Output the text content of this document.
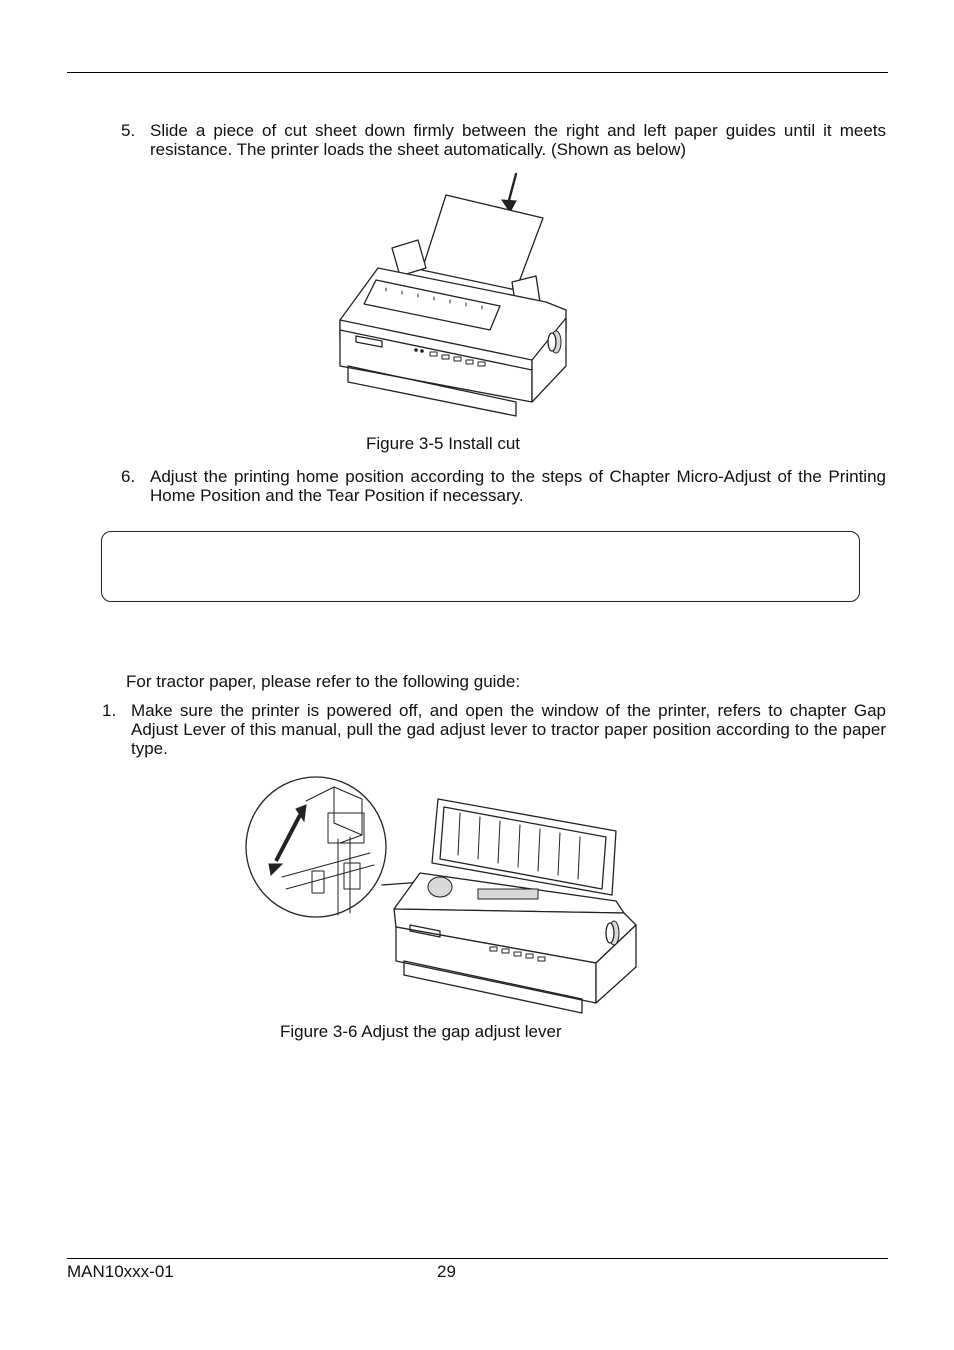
5. Slide a piece of cut sheet down firmly between the right and left paper guides until it meets resistance. The printer loads the sheet automatically. (Shown as below)
Figure 3-5 Install cut
6. Adjust the printing home position according to the steps of Chapter Micro-Adjust of the Printing Home Position and the Tear Position if necessary.
For tractor paper, please refer to the following guide:
1. Make sure the printer is powered off, and open the window of the printer, refers to chapter Gap Adjust Lever of this manual, pull the gad adjust lever to tractor paper position according to the paper type.
Figure 3-6 Adjust the gap adjust lever
MAN10xxx-01	29
